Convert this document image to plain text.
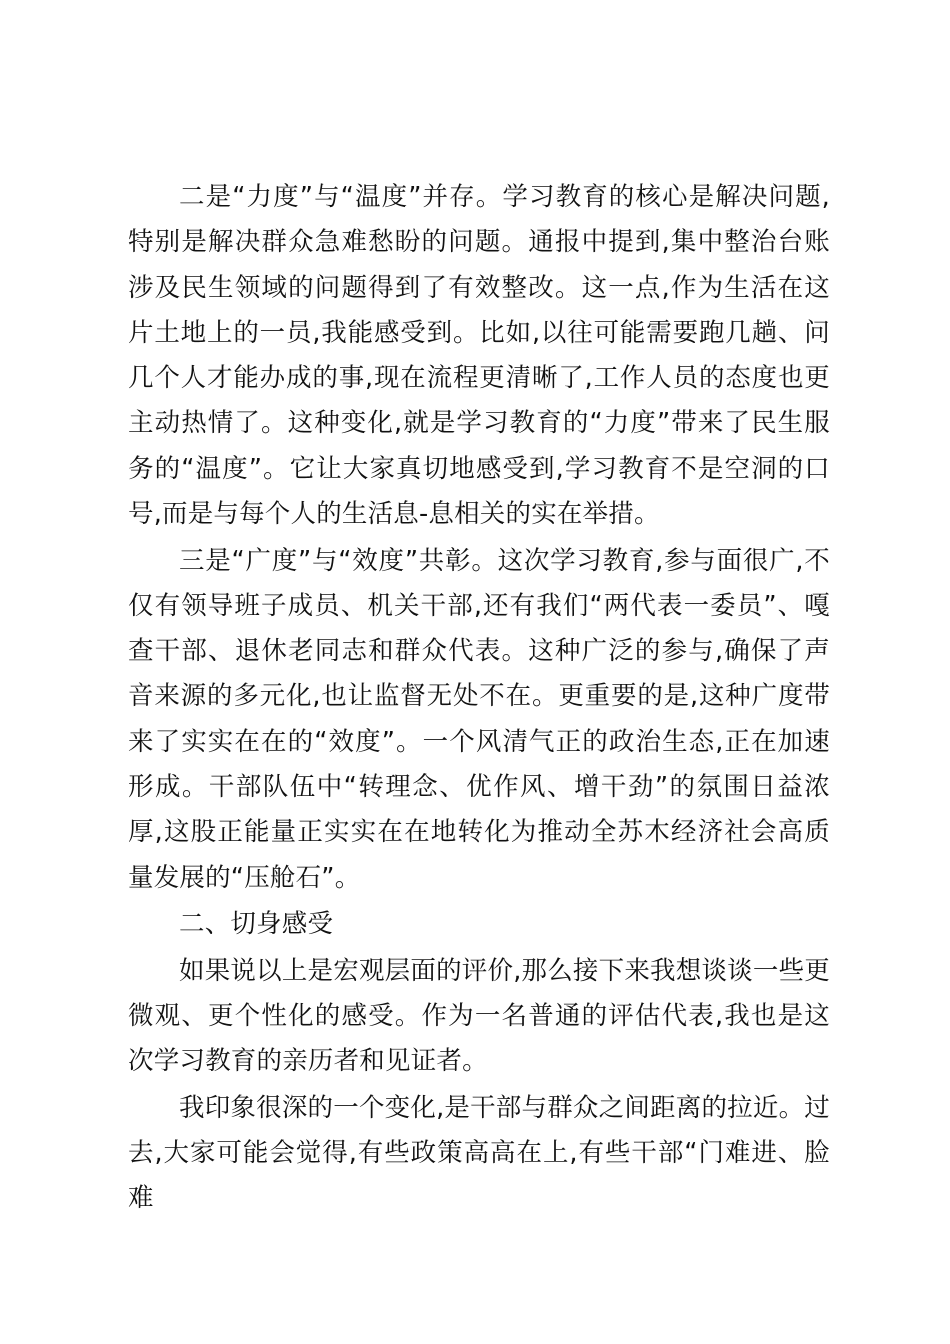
二是“力度”与“温度”并存。学习教育的核心是解决问题,特别是解决群众急难愁盼的问题。通报中提到,集中整治台账涉及民生领域的问题得到了有效整改。这一点,作为生活在这片土地上的一员,我能感受到。比如,以往可能需要跑几趟、问几个人才能办成的事,现在流程更清晰了,工作人员的态度也更主动热情了。这种变化,就是学习教育的“力度”带来了民生服务的“温度”。它让大家真切地感受到,学习教育不是空洞的口号,而是与每个人的生活息-息相关的实在举措。

三是“广度”与“效度”共彰。这次学习教育,参与面很广,不仅有领导班子成员、机关干部,还有我们“两代表一委员”、嘎查干部、退休老同志和群众代表。这种广泛的参与,确保了声音来源的多元化,也让监督无处不在。更重要的是,这种广度带来了实实在在的“效度”。一个风清气正的政治生态,正在加速形成。干部队伍中“转理念、优作风、增干劲”的氛围日益浓厚,这股正能量正实实在在地转化为推动全苏木经济社会高质量发展的“压舱石”。

二、切身感受

如果说以上是宏观层面的评价,那么接下来我想谈谈一些更微观、更个性化的感受。作为一名普通的评估代表,我也是这次学习教育的亲历者和见证者。

我印象很深的一个变化,是干部与群众之间距离的拉近。过去,大家可能会觉得,有些政策高高在上,有些干部“门难进、脸难
